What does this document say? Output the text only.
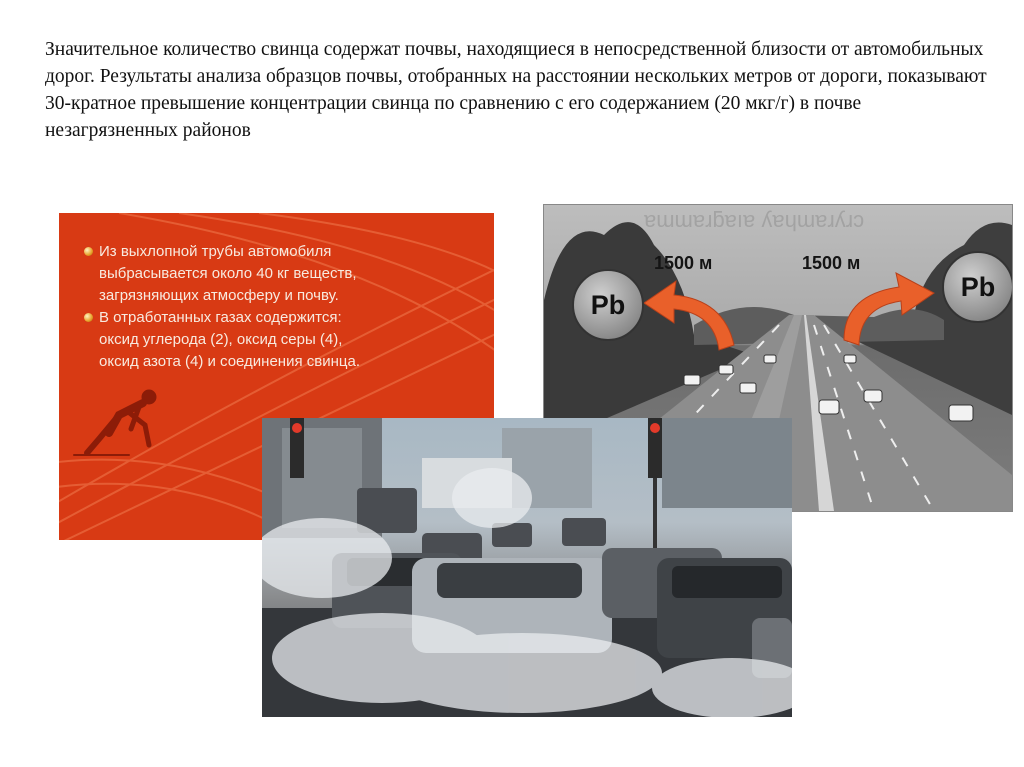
Значительное количество свинца содержат почвы, находящиеся в непосредственной близости от автомобильных дорог. Результаты анализа образцов почвы, отобранных на расстоянии нескольких метров от дороги, показывают 30-кратное превышение концентрации свинца по сравнению с его содержанием (20 мкг/г) в почве незагрязненных районов

Из выхлопной трубы автомобиля
выбрасывается около 40 кг веществ,
загрязняющих атмосферу и почву.
В отработанных газах содержится:
оксид углерода (2), оксид серы (4),
оксид азота (4) и соединения свинца.
ɐɯɯɐɹƃɐıɐ ʎɐɥɯɐɹʎɹɔ
Pb
Pb
1500 м	1500 м
